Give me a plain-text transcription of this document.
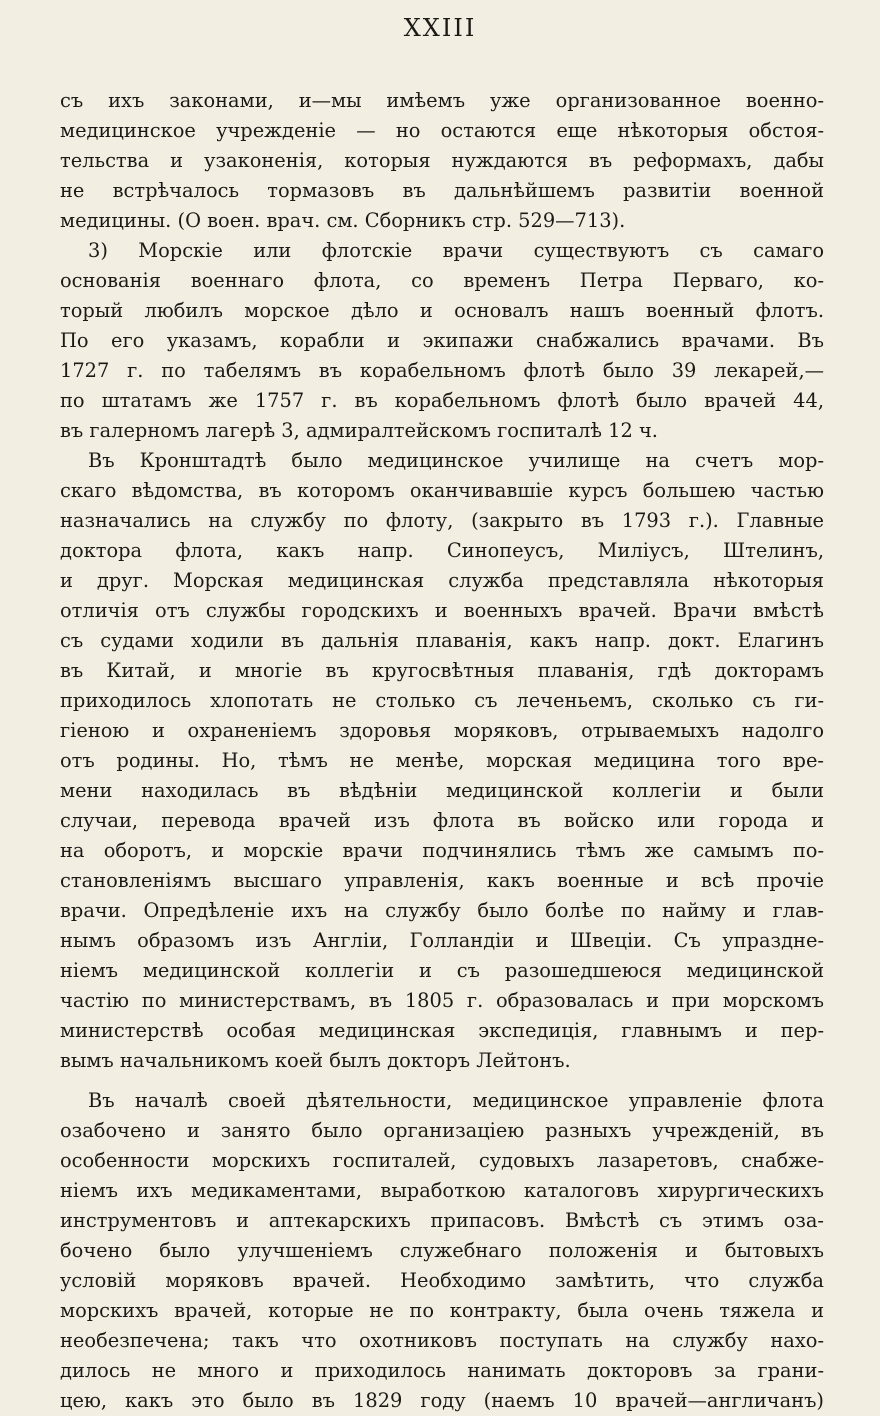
XXIII
съ ихъ законами, и—мы имѣемъ уже организованное военно-
медицинское учрежденіе — но остаются еще нѣкоторыя обстоя-
тельства и узаконенія, которыя нуждаются въ реформахъ, дабы
не встрѣчалось тормазовъ въ дальнѣйшемъ развитіи военной
медицины. (О воен. врач. см. Сборникъ стр. 529—713).
3) Морскіе или флотскіе врачи существуютъ съ самаго
основанія военнаго флота, со временъ Петра Перваго, ко-
торый любилъ морское дѣло и основалъ нашъ военный флотъ.
По его указамъ, корабли и экипажи снабжались врачами. Въ
1727 г. по табелямъ въ корабельномъ флотѣ было 39 лекарей,—
по штатамъ же 1757 г. въ корабельномъ флотѣ было врачей 44,
въ галерномъ лагерѣ 3, адмиралтейскомъ госпиталѣ 12 ч.
Въ Кронштадтѣ было медицинское училище на счетъ мор-
скаго вѣдомства, въ которомъ оканчивавшіе курсъ большею частью
назначались на службу по флоту, (закрыто въ 1793 г.). Главные
доктора флота, какъ напр. Синопеусъ, Миліусъ, Штелинъ,
и друг. Морская медицинская служба представляла нѣкоторыя
отличія отъ службы городскихъ и военныхъ врачей. Врачи вмѣстѣ
съ судами ходили въ дальнія плаванія, какъ напр. докт. Елагинъ
въ Китай, и многіе въ кругосвѣтныя плаванія, гдѣ докторамъ
приходилось хлопотать не столько съ леченьемъ, сколько съ ги-
гіеною и охраненіемъ здоровья моряковъ, отрываемыхъ надолго
отъ родины. Но, тѣмъ не менѣе, морская медицина того вре-
мени находилась въ вѣдѣніи медицинской коллегіи и были
случаи, перевода врачей изъ флота въ войско или города и
на оборотъ, и морскіе врачи подчинялись тѣмъ же самымъ по-
становленіямъ высшаго управленія, какъ военные и всѣ прочіе
врачи. Опредѣленіе ихъ на службу было болѣе по найму и глав-
нымъ образомъ изъ Англіи, Голландіи и Швеціи. Съ упраздне-
ніемъ медицинской коллегіи и съ разошедшеюся медицинской
частію по министерствамъ, въ 1805 г. образовалась и при морскомъ
министерствѣ особая медицинская экспедиція, главнымъ и пер-
вымъ начальникомъ коей былъ докторъ Лейтонъ.
Въ началѣ своей дѣятельности, медицинское управленіе флота
озабочено и занято было организаціею разныхъ учрежденій, въ
особенности морскихъ госпиталей, судовыхъ лазаретовъ, снабже-
ніемъ ихъ медикаментами, выработкою каталоговъ хирургическихъ
инструментовъ и аптекарскихъ припасовъ. Вмѣстѣ съ этимъ оза-
бочено было улучшеніемъ служебнаго положенія и бытовыхъ
условій моряковъ врачей. Необходимо замѣтить, что служба
морскихъ врачей, которые не по контракту, была очень тяжела и
необезпечена; такъ что охотниковъ поступать на службу нахо-
дилось не много и приходилось нанимать докторовъ за грани-
цею, какъ это было въ 1829 году (наемъ 10 врачей—англичанъ)
